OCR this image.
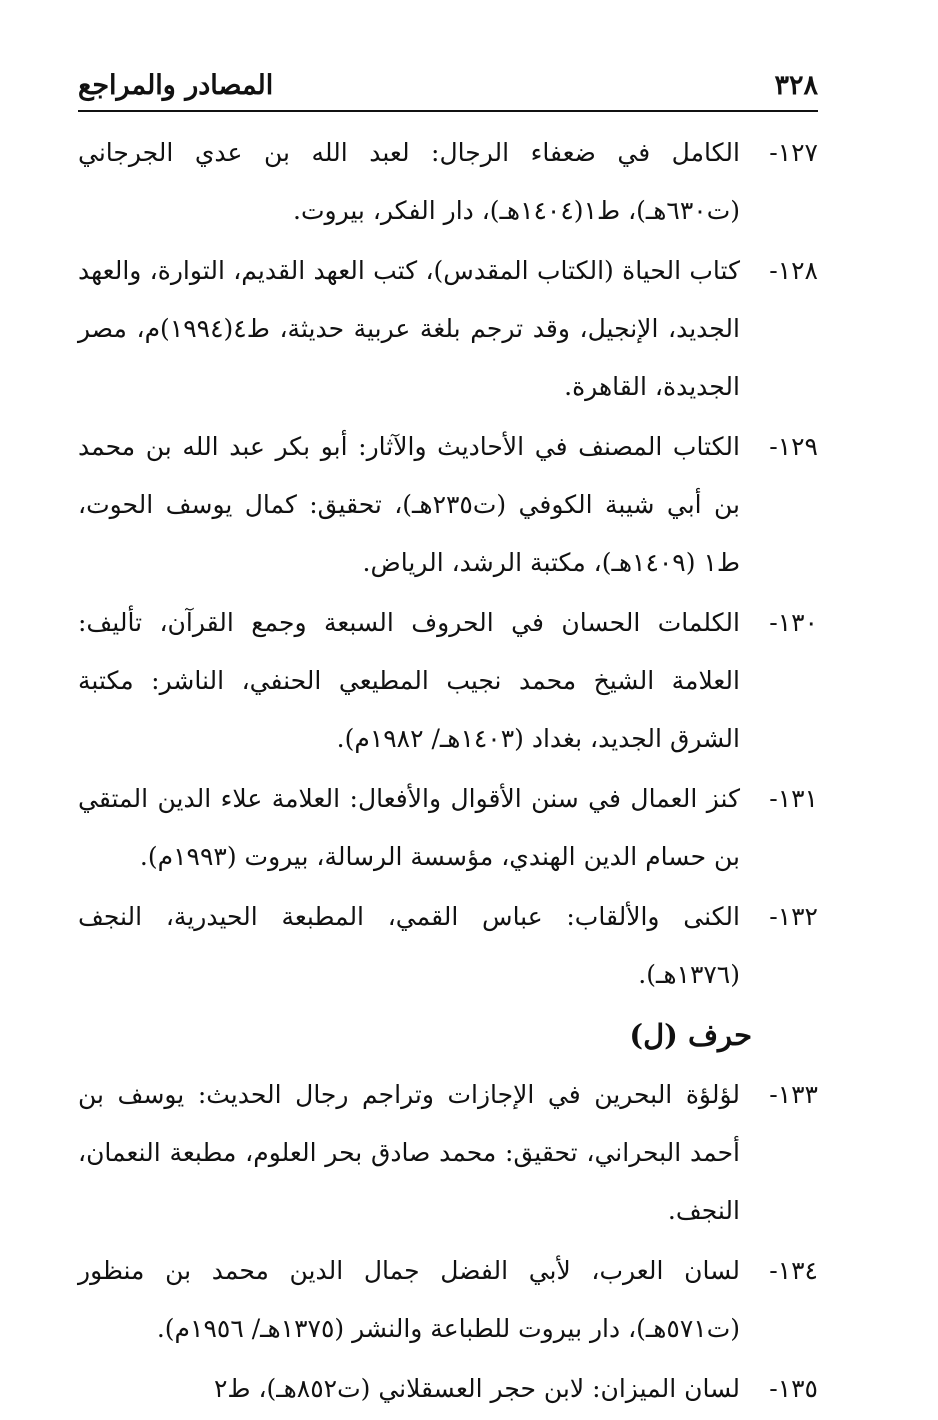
٣٢٨
المصادر والمراجع
١٢٧-
الكامل في ضعفاء الرجال: لعبد الله بن عدي الجرجاني (ت٦٣٠هـ)، ط١(١٤٠٤هـ)، دار الفكر، بيروت.
١٢٨-
كتاب الحياة (الكتاب المقدس)، كتب العهد القديم، التوارة، والعهد الجديد، الإنجيل، وقد ترجم بلغة عربية حديثة، ط٤(١٩٩٤)م، مصر الجديدة، القاهرة.
١٢٩-
الكتاب المصنف في الأحاديث والآثار: أبو بكر عبد الله بن محمد بن أبي شيبة الكوفي (ت٢٣٥هـ)، تحقيق: كمال يوسف الحوت، ط١ (١٤٠٩هـ)، مكتبة الرشد، الرياض.
١٣٠-
الكلمات الحسان في الحروف السبعة وجمع القرآن، تأليف: العلامة الشيخ محمد نجيب المطيعي الحنفي، الناشر: مكتبة الشرق الجديد، بغداد (١٤٠٣هـ/ ١٩٨٢م).
١٣١-
كنز العمال في سنن الأقوال والأفعال: العلامة علاء الدين المتقي بن حسام الدين الهندي، مؤسسة الرسالة، بيروت (١٩٩٣م).
١٣٢-
الكنى والألقاب: عباس القمي، المطبعة الحيدرية، النجف (١٣٧٦هـ).
حرف (ل)
١٣٣-
لؤلؤة البحرين في الإجازات وتراجم رجال الحديث: يوسف بن أحمد البحراني، تحقيق: محمد صادق بحر العلوم، مطبعة النعمان، النجف.
١٣٤-
لسان العرب، لأبي الفضل جمال الدين محمد بن منظور (ت٥٧١هـ)، دار بيروت للطباعة والنشر (١٣٧٥هـ/ ١٩٥٦م).
١٣٥-
لسان الميزان: لابن حجر العسقلاني (ت٨٥٢هـ)، ط٢
